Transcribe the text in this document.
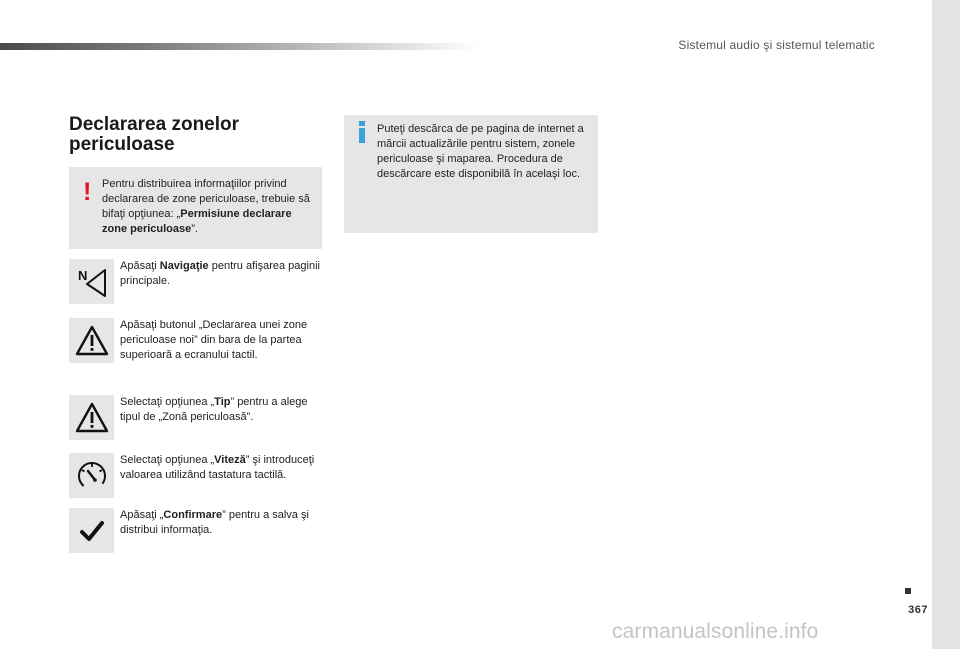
Sistemul audio şi sistemul telematic
Declararea zonelor periculoase
! Pentru distribuirea informaţiilor privind declararea de zone periculoase, trebuie să bifaţi opţiunea: „Permisiune declarare zone periculoase”.

Puteţi descărca de pe pagina de internet a mărcii actualizările pentru sistem, zonele periculoase şi maparea. Procedura de descărcare este disponibilă în acelaşi loc.

N

Apăsaţi Navigaţie pentru afişarea paginii principale.

Apăsaţi butonul „Declararea unei zone periculoase noi” din bara de la partea superioară a ecranului tactil.

Selectaţi opţiunea „Tip” pentru a alege tipul de „Zonă periculoasă”.

Selectaţi opţiunea „Viteză” şi introduceţi valoarea utilizând tastatura tactilă.

Apăsaţi „Confirmare” pentru a salva şi distribui informaţia.

367
carmanualsonline.info
